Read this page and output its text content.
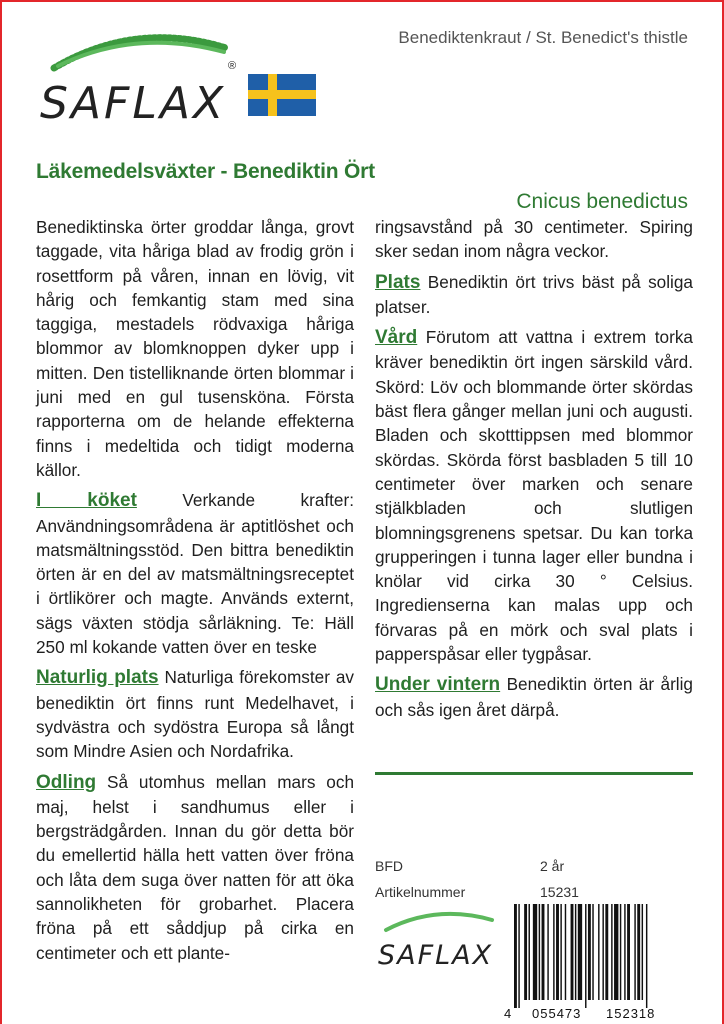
SAFLAX
®
Benediktenkraut / St. Benedict's thistle
Läkemedelsväxter - Benediktin Ört
Cnicus benedictus

Benediktinska örter groddar långa, grovt taggade, vita håriga blad av frodig grön i rosettform på våren, innan en lövig, vit hårig och femkantig stam med sina taggiga, mestadels rödvaxiga håriga blommor av blomknoppen dyker upp i mitten. Den tistelliknande örten blommar i juni med en gul tusensköna. Första rapporterna om de helande effekterna finns i medeltida och tidigt moderna källor.

I köket Verkande krafter: Användningsområdena är aptitlöshet och matsmältningsstöd. Den bittra benediktin örten är en del av matsmältningsreceptet i örtlikörer och magte. Används externt, sägs växten stödja sårläkning. Te: Häll 250 ml kokande vatten över en teske

Naturlig plats Naturliga förekomster av benediktin ört finns runt Medelhavet, i sydvästra och sydöstra Europa så långt som Mindre Asien och Nordafrika.

Odling Så utomhus mellan mars och maj, helst i sandhumus eller i bergsträdgården. Innan du gör detta bör du emellertid hälla hett vatten över fröna och låta dem suga över natten för att öka sannolikheten för grobarhet. Placera fröna på ett såddjup på cirka en centimeter och ett plante-

ringsavstånd på 30 centimeter. Spiring sker sedan inom några veckor.

Plats Benediktin ört trivs bäst på soliga platser.

Vård Förutom att vattna i extrem torka kräver benediktin ört ingen särskild vård. Skörd: Löv och blommande örter skördas bäst flera gånger mellan juni och augusti. Bladen och skotttippsen med blommor skördas. Skörda först basbladen 5 till 10 centimeter över marken och senare stjälkbladen och slutligen blomningsgrenens spetsar. Du kan torka grupperingen i tunna lager eller bundna i knölar vid cirka 30 ° Celsius. Ingredienserna kan malas upp och förvaras på en mörk och sval plats i papperspåsar eller tygpåsar.

Under vintern Benediktin örten är årlig och sås igen året därpå.

BFD	2 år
Artikelnummer	15231
SAFLAX
4 055473 152318
